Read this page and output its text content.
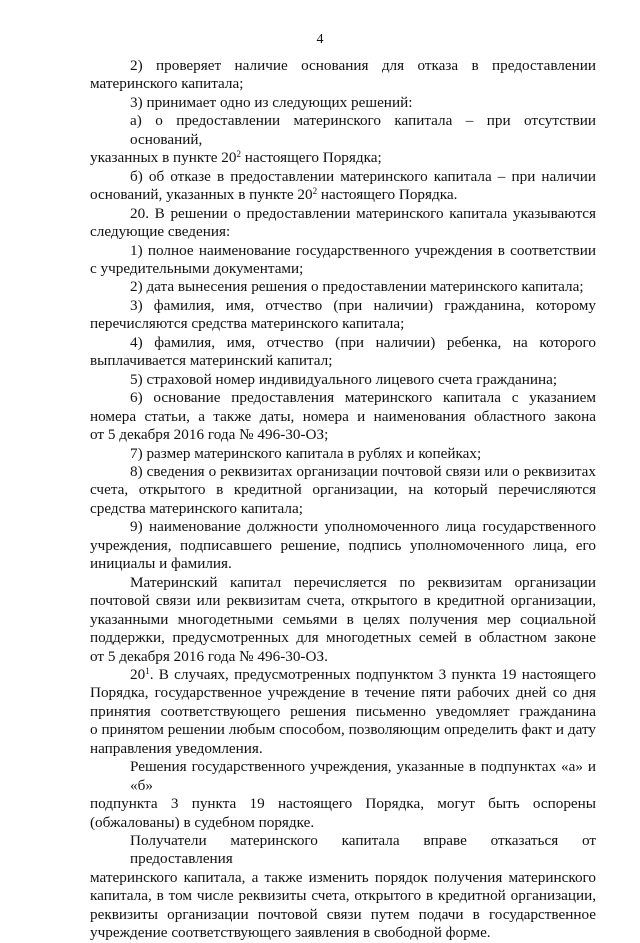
4

2) проверяет наличие основания для отказа в предоставлении
материнского капитала;

3) принимает одно из следующих решений:

а) о предоставлении материнского капитала – при отсутствии оснований,
указанных в пункте $20^2$ настоящего Порядка;

б) об отказе в предоставлении материнского капитала – при наличии
оснований, указанных в пункте $20^2$ настоящего Порядка.

20. В решении о предоставлении материнского капитала указываются
следующие сведения:

1) полное наименование государственного учреждения в соответствии
с учредительными документами;

2) дата вынесения решения о предоставлении материнского капитала;

3) фамилия, имя, отчество (при наличии) гражданина, которому
перечисляются средства материнского капитала;

4) фамилия, имя, отчество (при наличии) ребенка, на которого
выплачивается материнский капитал;

5) страховой номер индивидуального лицевого счета гражданина;

6) основание предоставления материнского капитала с указанием
номера статьи, а также даты, номера и наименования областного закона
от 5 декабря 2016 года № 496-30-ОЗ;

7) размер материнского капитала в рублях и копейках;

8) сведения о реквизитах организации почтовой связи или о реквизитах
счета, открытого в кредитной организации, на который перечисляются
средства материнского капитала;

9) наименование должности уполномоченного лица государственного
учреждения, подписавшего решение, подпись уполномоченного лица, его
инициалы и фамилия.

Материнский капитал перечисляется по реквизитам организации
почтовой связи или реквизитам счета, открытого в кредитной организации,
указанными многодетными семьями в целях получения мер социальной
поддержки, предусмотренных для многодетных семей в областном законе
от 5 декабря 2016 года № 496-30-ОЗ.

$20^1$. В случаях, предусмотренных подпунктом 3 пункта 19 настоящего
Порядка, государственное учреждение в течение пяти рабочих дней со дня
принятия соответствующего решения письменно уведомляет гражданина
о принятом решении любым способом, позволяющим определить факт и дату
направления уведомления.

Решения государственного учреждения, указанные в подпунктах «а» и «б»
подпункта 3 пункта 19 настоящего Порядка, могут быть оспорены
(обжалованы) в судебном порядке.

Получатели материнского капитала вправе отказаться от предоставления
материнского капитала, а также изменить порядок получения материнского
капитала, в том числе реквизиты счета, открытого в кредитной организации,
реквизиты организации почтовой связи путем подачи в государственное
учреждение соответствующего заявления в свободной форме.
